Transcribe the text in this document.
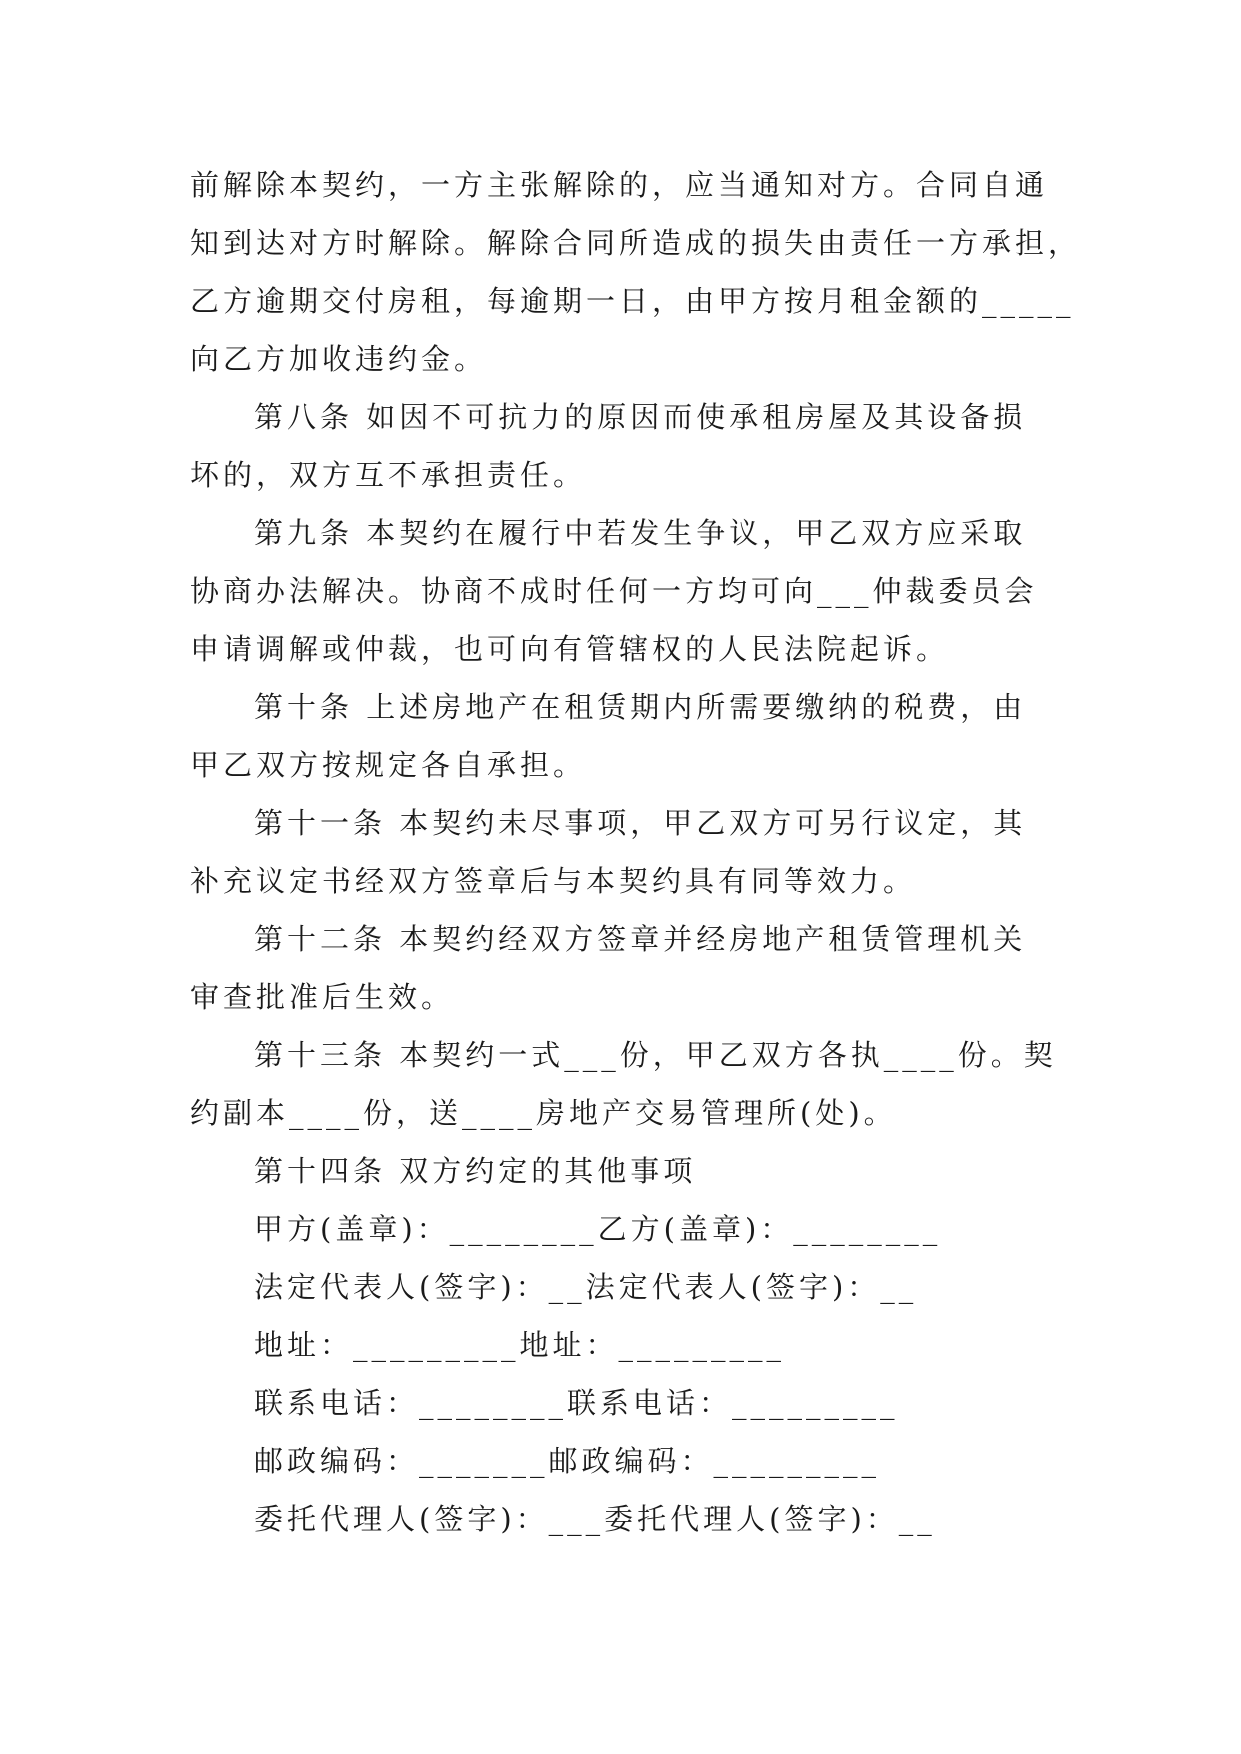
前解除本契约，一方主张解除的，应当通知对方。合同自通
知到达对方时解除。解除合同所造成的损失由责任一方承担，
乙方逾期交付房租，每逾期一日，由甲方按月租金额的_____
向乙方加收违约金。
第八条 如因不可抗力的原因而使承租房屋及其设备损
坏的，双方互不承担责任。
第九条 本契约在履行中若发生争议，甲乙双方应采取
协商办法解决。协商不成时任何一方均可向___仲裁委员会
申请调解或仲裁，也可向有管辖权的人民法院起诉。
第十条 上述房地产在租赁期内所需要缴纳的税费，由
甲乙双方按规定各自承担。
第十一条 本契约未尽事项，甲乙双方可另行议定，其
补充议定书经双方签章后与本契约具有同等效力。
第十二条 本契约经双方签章并经房地产租赁管理机关
审查批准后生效。
第十三条 本契约一式___份，甲乙双方各执____份。契
约副本____份，送____房地产交易管理所(处)。
第十四条 双方约定的其他事项
甲方(盖章)：________乙方(盖章)：________
法定代表人(签字)：__法定代表人(签字)：__
地址：_________地址：_________
联系电话：________联系电话：_________
邮政编码：_______邮政编码：_________
委托代理人(签字)：___委托代理人(签字)：__
